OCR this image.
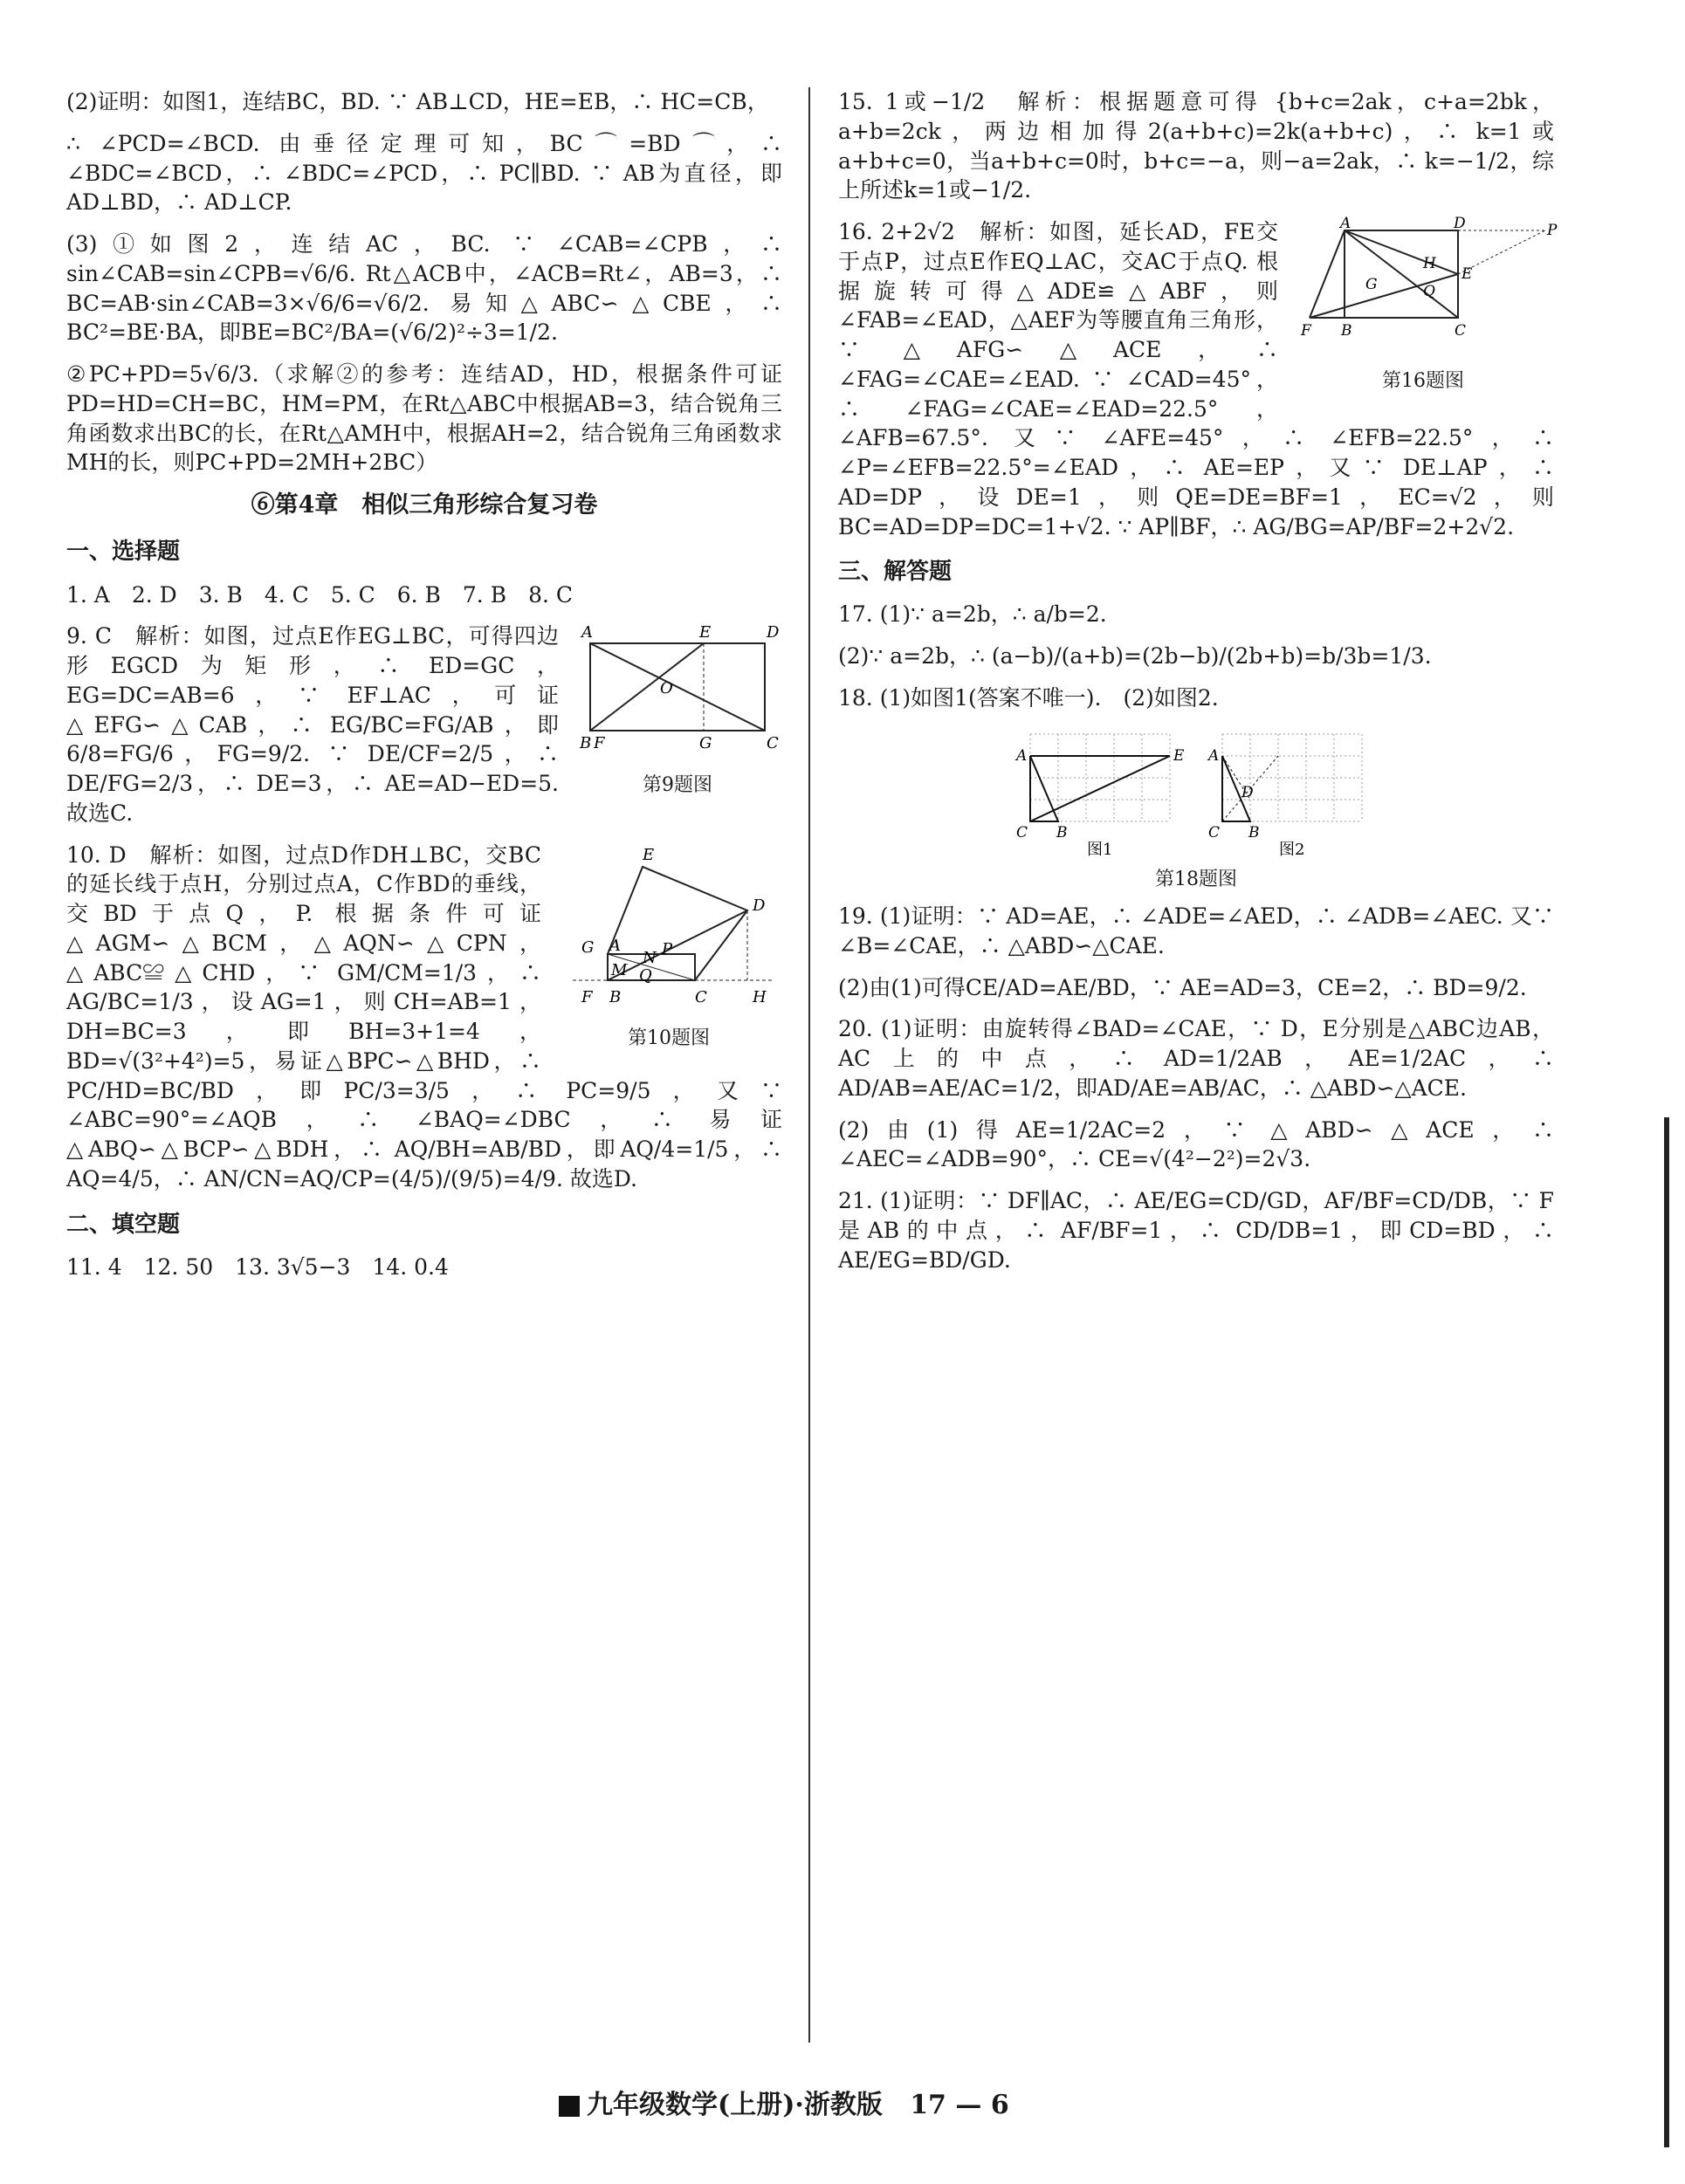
(2)证明：如图1，连结BC，BD. ∵ AB⊥CD，HE=EB，∴ HC=CB，

∴ ∠PCD=∠BCD. 由垂径定理可知，BC⌒=BD⌒，∴ ∠BDC=∠BCD，∴ ∠BDC=∠PCD，∴ PC∥BD. ∵ AB为直径，即AD⊥BD，∴ AD⊥CP.

(3)①如图2，连结AC，BC. ∵ ∠CAB=∠CPB，∴ sin∠CAB=sin∠CPB=√6/6. Rt△ACB中，∠ACB=Rt∠，AB=3，∴ BC=AB·sin∠CAB=3×√6/6=√6/2. 易知△ABC∽△CBE，∴ BC²=BE·BA，即BE=BC²/BA=(√6/2)²÷3=1/2.

②PC+PD=5√6/3.（求解②的参考：连结AD，HD，根据条件可证PD=HD=CH=BC，HM=PM，在Rt△ABC中根据AB=3，结合锐角三角函数求出BC的长，在Rt△AMH中，根据AH=2，结合锐角三角函数求MH的长，则PC+PD=2MH+2BC）

⑥第4章　相似三角形综合复习卷
一、选择题

1. A　2. D　3. B　4. C　5. C　6. B　7. B　8. C

A	E	D
B F	G	C
O
第9题图

9. C　解析：如图，过点E作EG⊥BC，可得四边形EGCD为矩形，∴ ED=GC，EG=DC=AB=6，∵ EF⊥AC，可证△EFG∽△CAB，∴ EG/BC=FG/AB，即6/8=FG/6，FG=9/2. ∵ DE/CF=2/5，∴ DE/FG=2/3，∴ DE=3，∴ AE=AD−ED=5. 故选C.

E
D
G A
M
N P
Q
F B	C	H
第10题图

10. D　解析：如图，过点D作DH⊥BC，交BC的延长线于点H，分别过点A，C作BD的垂线，交BD于点Q，P. 根据条件可证△AGM∽△BCM，△AQN∽△CPN，△ABC≌△CHD，∵ GM/CM=1/3，∴ AG/BC=1/3，设AG=1，则CH=AB=1，DH=BC=3，即BH=3+1=4，BD=√(3²+4²)=5，易证△BPC∽△BHD，∴ PC/HD=BC/BD，即PC/3=3/5，∴ PC=9/5，又∵ ∠ABC=90°=∠AQB，∴ ∠BAQ=∠DBC，∴ 易证△ABQ∽△BCP∽△BDH，∴ AQ/BH=AB/BD，即AQ/4=1/5，∴ AQ=4/5，∴ AN/CN=AQ/CP=(4/5)/(9/5)=4/9. 故选D.

二、填空题

11. 4　12. 50　13. 3√5−3　14. 0.4

15. 1或−1/2　解析：根据题意可得 {b+c=2ak，c+a=2bk，a+b=2ck，两边相加得2(a+b+c)=2k(a+b+c)，∴ k=1或a+b+c=0，当a+b+c=0时，b+c=−a，则−a=2ak，∴ k=−1/2，综上所述k=1或−1/2.

A	D	P
E
H
Q
G
F B	C
第16题图

16. 2+2√2　解析：如图，延长AD，FE交于点P，过点E作EQ⊥AC，交AC于点Q. 根据旋转可得△ADE≌△ABF，则∠FAB=∠EAD，△AEF为等腰直角三角形，∵ △AFG∽△ACE，∴ ∠FAG=∠CAE=∠EAD. ∵ ∠CAD=45°，∴ ∠FAG=∠CAE=∠EAD=22.5°，∠AFB=67.5°. 又∵ ∠AFE=45°，∴ ∠EFB=22.5°，∴ ∠P=∠EFB=22.5°=∠EAD，∴ AE=EP，又∵ DE⊥AP，∴ AD=DP，设DE=1，则QE=DE=BF=1，EC=√2，则BC=AD=DP=DC=1+√2. ∵ AP∥BF，∴ AG/BG=AP/BF=2+2√2.

三、解答题

17. (1)∵ a=2b，∴ a/b=2.

(2)∵ a=2b，∴ (a−b)/(a+b)=(2b−b)/(2b+b)=b/3b=1/3.

18. (1)如图1(答案不唯一).　(2)如图2.

A	E
C B
A
D
C B
图1	图2
第18题图

19. (1)证明：∵ AD=AE，∴ ∠ADE=∠AED，∴ ∠ADB=∠AEC. 又∵ ∠B=∠CAE，∴ △ABD∽△CAE.

(2)由(1)可得CE/AD=AE/BD，∵ AE=AD=3，CE=2，∴ BD=9/2.

20. (1)证明：由旋转得∠BAD=∠CAE，∵ D，E分别是△ABC边AB，AC上的中点，∴ AD=1/2AB，AE=1/2AC，∴ AD/AB=AE/AC=1/2，即AD/AE=AB/AC，∴ △ABD∽△ACE.

(2)由(1)得AE=1/2AC=2，∵ △ABD∽△ACE，∴ ∠AEC=∠ADB=90°，∴ CE=√(4²−2²)=2√3.

21. (1)证明：∵ DF∥AC，∴ AE/EG=CD/GD，AF/BF=CD/DB，∵ F是AB的中点，∴ AF/BF=1，∴ CD/DB=1，即CD=BD，∴ AE/EG=BD/GD.

九年级数学(上册)·浙教版 17 — 6
